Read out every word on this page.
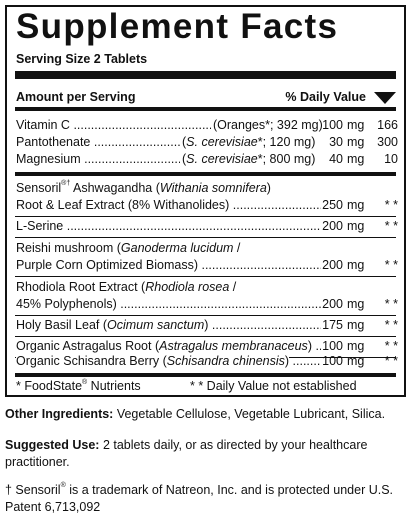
Supplement Facts
Serving Size 2 Tablets
Amount per Serving	% Daily Value
Vitamin C .....	(Oranges*; 392 mg) 100 mg	166
Pantothenate .....	(S. cerevisiae*; 120 mg)	30 mg	300
Magnesium .....	(S. cerevisiae*; 800 mg)	40 mg	10
Sensoril®† Ashwagandha (Withania somnifera)
Root & Leaf Extract (8% Withanolides) .....	250 mg	* *
L-Serine .....	200 mg	* *
Reishi mushroom (Ganoderma lucidum /
Purple Corn Optimized Biomass) .....	200 mg	* *
Rhodiola Root Extract (Rhodiola rosea /
45% Polyphenols) .....	200 mg	* *
Holy Basil Leaf (Ocimum sanctum) .....	175 mg	* *
Organic Astragalus Root (Astragalus membranaceus) ..... 100 mg	* *
Organic Schisandra Berry (Schisandra chinensis) .....	100 mg	* *
* FoodState® Nutrients	* * Daily Value not established
Other Ingredients: Vegetable Cellulose, Vegetable Lubricant, Silica.
Suggested Use: 2 tablets daily, or as directed by your healthcare practitioner.
† Sensoril® is a trademark of Natreon, Inc. and is protected under U.S. Patent 6,713,092
